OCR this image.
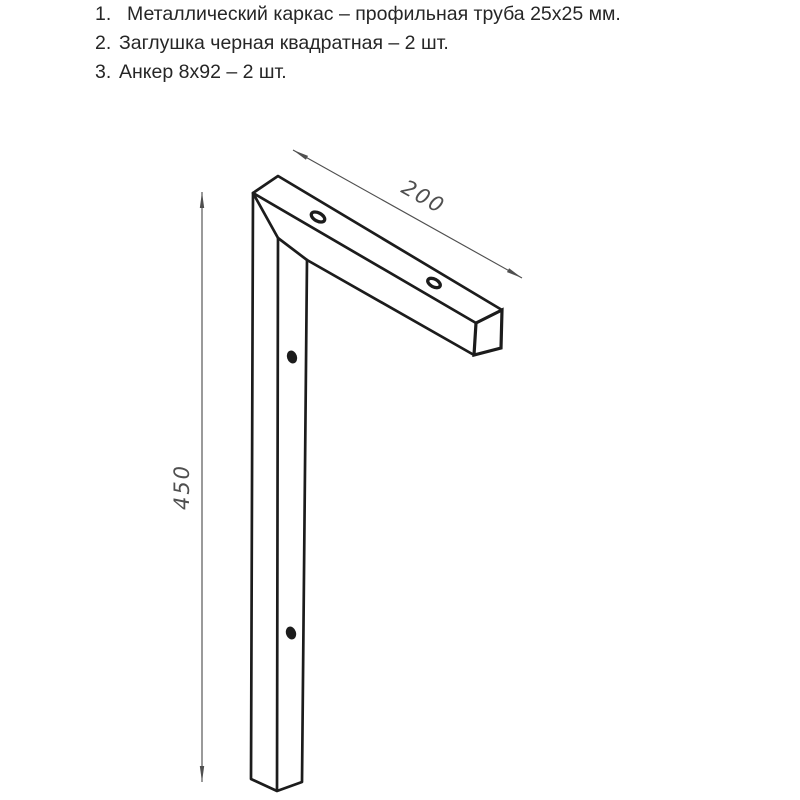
1. Металлический каркас – профильная труба 25х25 мм.
2. Заглушка черная квадратная – 2 шт.
3. Анкер 8х92 – 2 шт.
200
450
